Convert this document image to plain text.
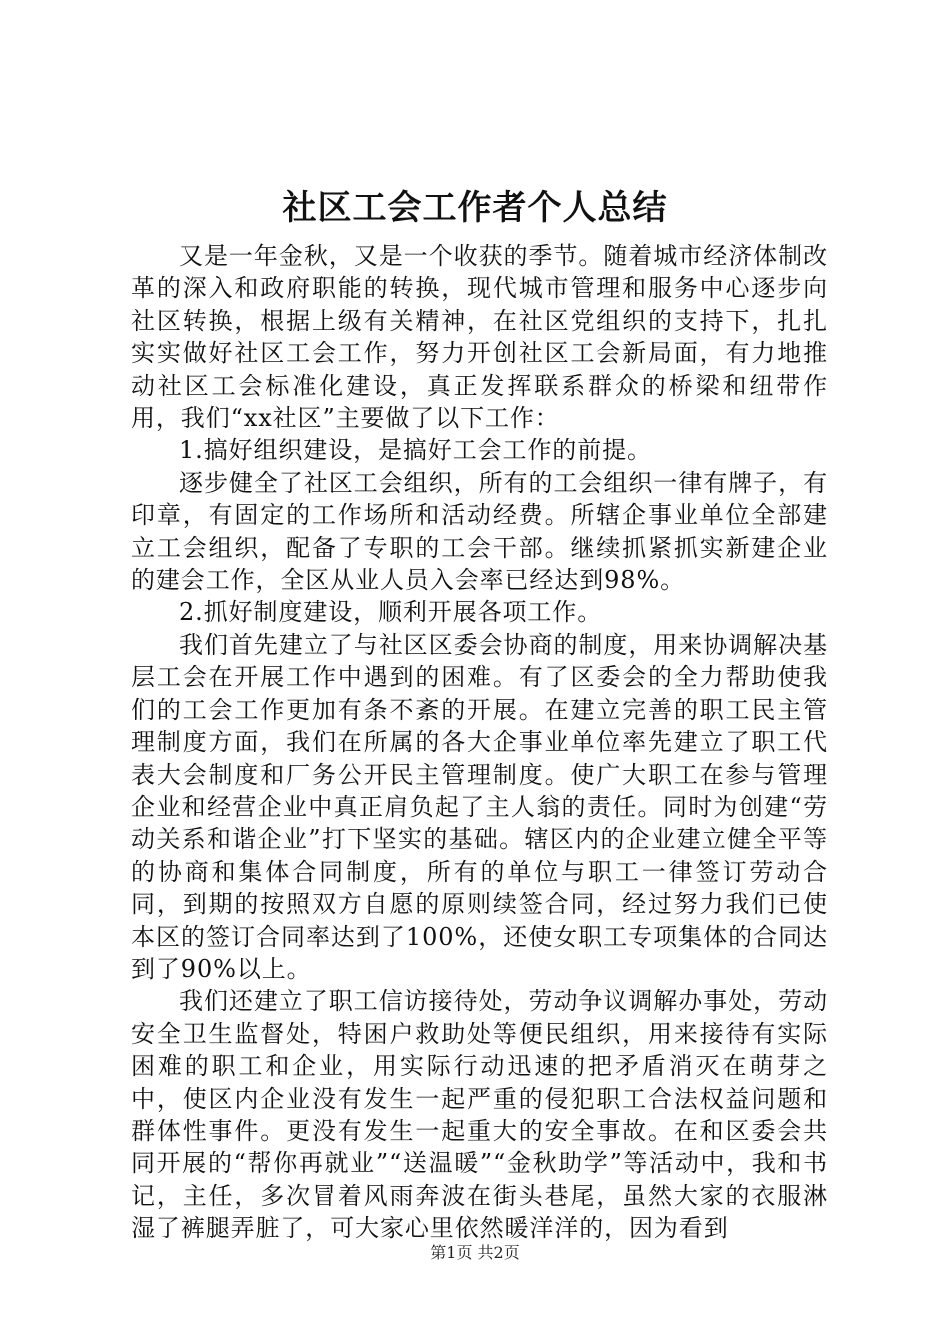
社区工会工作者个人总结

又是一年金秋，又是一个收获的季节。随着城市经济体制改革的深入和政府职能的转换，现代城市管理和服务中心逐步向社区转换，根据上级有关精神，在社区党组织的支持下，扎扎实实做好社区工会工作，努力开创社区工会新局面，有力地推动社区工会标准化建设，真正发挥联系群众的桥梁和纽带作用，我们“xx社区”主要做了以下工作：

1.搞好组织建设，是搞好工会工作的前提。

逐步健全了社区工会组织，所有的工会组织一律有牌子，有印章，有固定的工作场所和活动经费。所辖企事业单位全部建立工会组织，配备了专职的工会干部。继续抓紧抓实新建企业的建会工作，全区从业人员入会率已经达到98%。

2.抓好制度建设，顺利开展各项工作。

我们首先建立了与社区区委会协商的制度，用来协调解决基层工会在开展工作中遇到的困难。有了区委会的全力帮助使我们的工会工作更加有条不紊的开展。在建立完善的职工民主管理制度方面，我们在所属的各大企事业单位率先建立了职工代表大会制度和厂务公开民主管理制度。使广大职工在参与管理企业和经营企业中真正肩负起了主人翁的责任。同时为创建“劳动关系和谐企业”打下坚实的基础。辖区内的企业建立健全平等的协商和集体合同制度，所有的单位与职工一律签订劳动合同，到期的按照双方自愿的原则续签合同，经过努力我们已使本区的签订合同率达到了100%，还使女职工专项集体的合同达到了90%以上。

我们还建立了职工信访接待处，劳动争议调解办事处，劳动安全卫生监督处，特困户救助处等便民组织，用来接待有实际困难的职工和企业，用实际行动迅速的把矛盾消灭在萌芽之中，使区内企业没有发生一起严重的侵犯职工合法权益问题和群体性事件。更没有发生一起重大的安全事故。在和区委会共同开展的“帮你再就业”“送温暖”“金秋助学”等活动中，我和书记，主任，多次冒着风雨奔波在街头巷尾，虽然大家的衣服淋湿了裤腿弄脏了，可大家心里依然暖洋洋的，因为看到

第1页 共2页
